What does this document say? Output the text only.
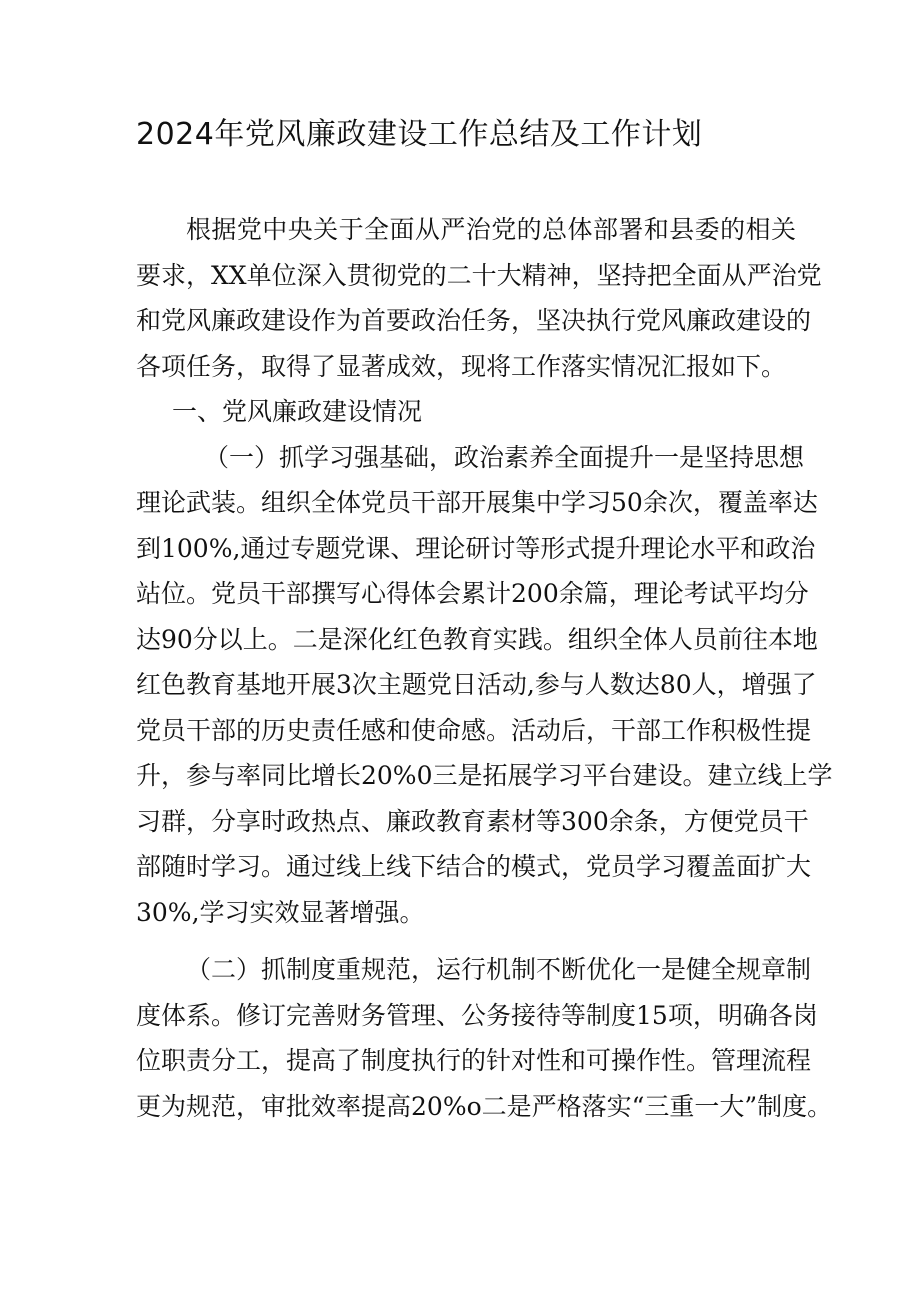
2024年党风廉政建设工作总结及工作计划
根据党中央关于全面从严治党的总体部署和县委的相关
要求，XX单位深入贯彻党的二十大精神，坚持把全面从严治党
和党风廉政建设作为首要政治任务，坚决执行党风廉政建设的
各项任务，取得了显著成效，现将工作落实情况汇报如下。
一、党风廉政建设情况
（一）抓学习强基础，政治素养全面提升一是坚持思想
理论武装。组织全体党员干部开展集中学习50余次，覆盖率达
到100%,通过专题党课、理论研讨等形式提升理论水平和政治
站位。党员干部撰写心得体会累计200余篇，理论考试平均分
达90分以上。二是深化红色教育实践。组织全体人员前往本地
红色教育基地开展3次主题党日活动,参与人数达80人，增强了
党员干部的历史责任感和使命感。活动后，干部工作积极性提
升，参与率同比增长20%0三是拓展学习平台建设。建立线上学
习群，分享时政热点、廉政教育素材等300余条，方便党员干
部随时学习。通过线上线下结合的模式，党员学习覆盖面扩大
30%,学习实效显著增强。
（二）抓制度重规范，运行机制不断优化一是健全规章制
度体系。修订完善财务管理、公务接待等制度15项，明确各岗
位职责分工，提高了制度执行的针对性和可操作性。管理流程
更为规范，审批效率提高20%o二是严格落实“三重一大”制度。
